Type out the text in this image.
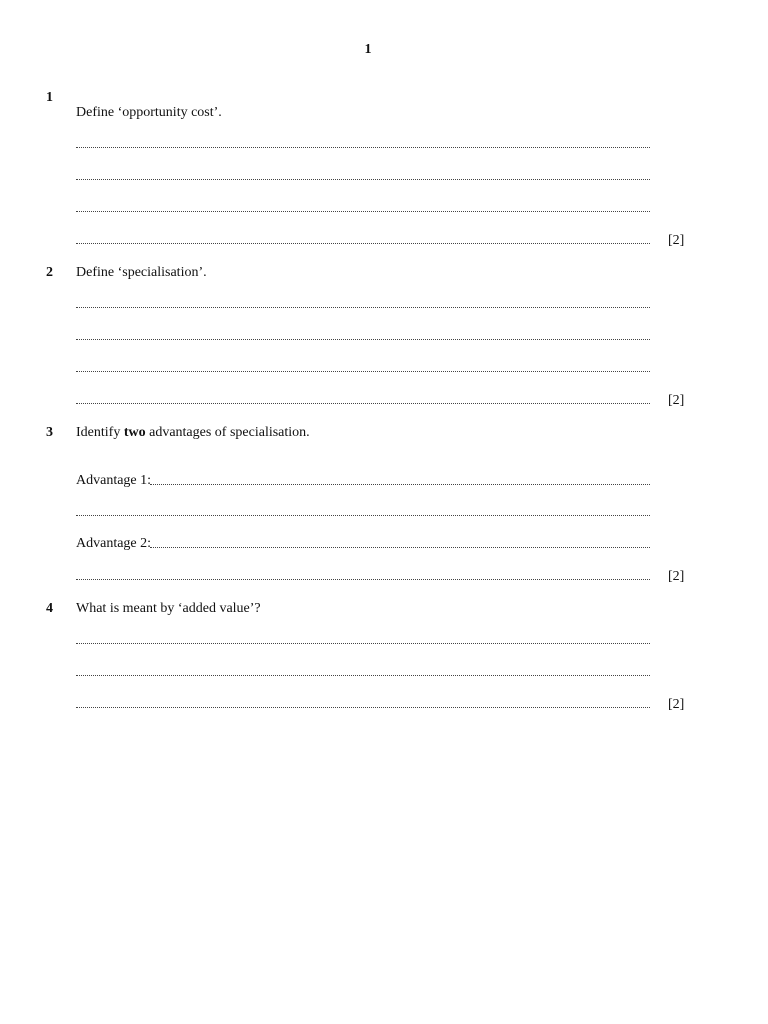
1
1
Define ‘opportunity cost’.
[2]
2 Define ‘specialisation’.
[2]
3 Identify two advantages of specialisation.
Advantage 1:
Advantage 2:
[2]
4 What is meant by ‘added value’?
[2]
